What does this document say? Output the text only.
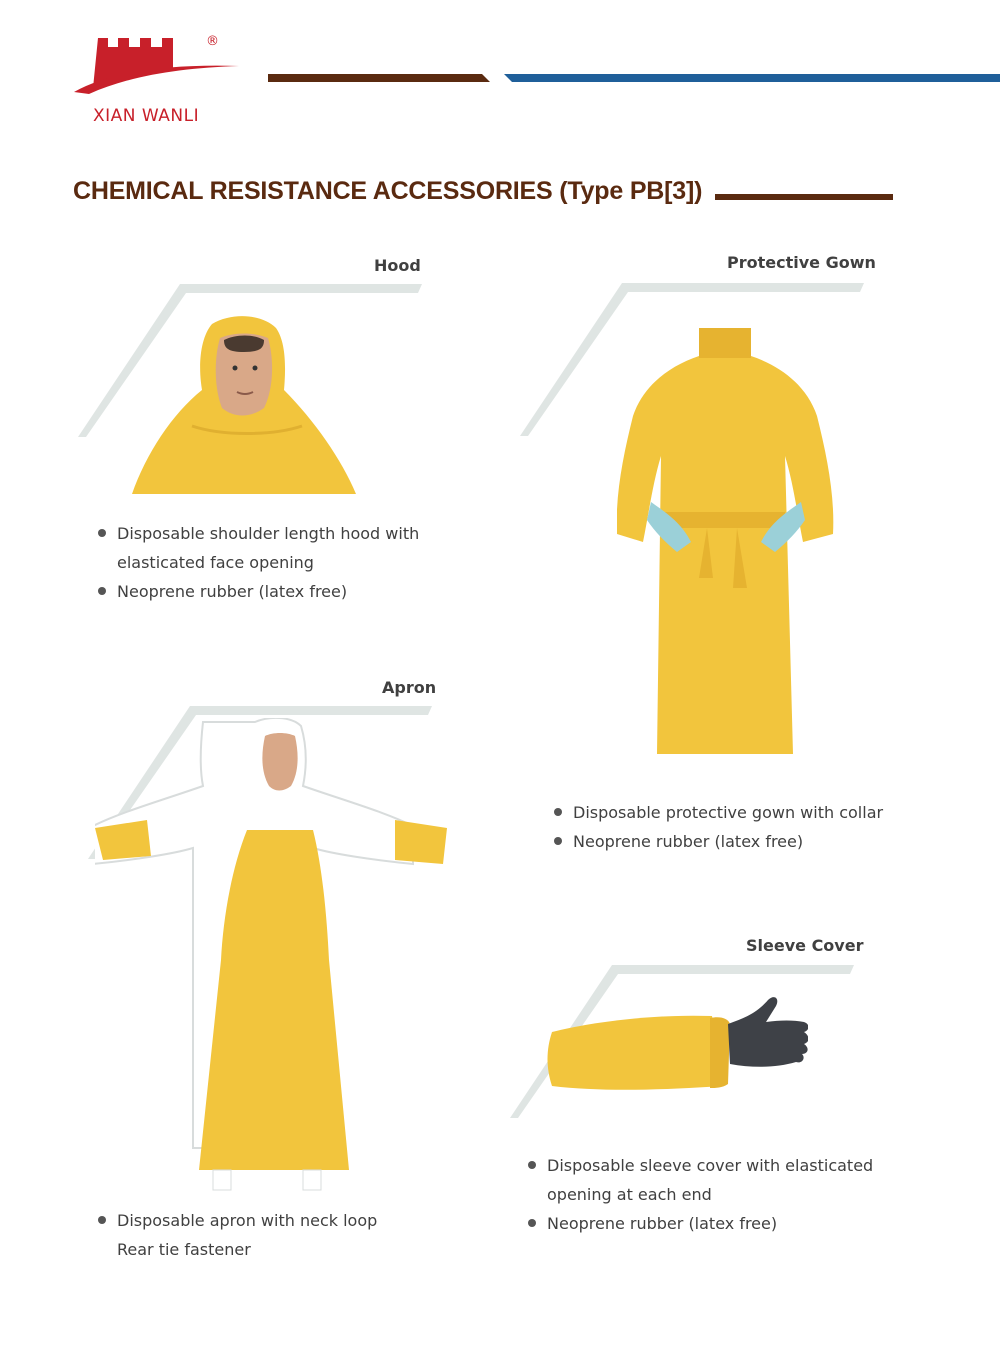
®
XIAN WANLI
CHEMICAL RESISTANCE ACCESSORIES (Type PB[3])
Hood
Disposable shoulder length hood with
elasticated face opening
Neoprene rubber (latex free)
Protective Gown
Disposable protective gown with collar
Neoprene rubber (latex free)
Apron
Disposable apron with neck loop
Rear tie fastener
Sleeve Cover
Disposable sleeve cover with elasticated
opening at each end
Neoprene rubber (latex free)
